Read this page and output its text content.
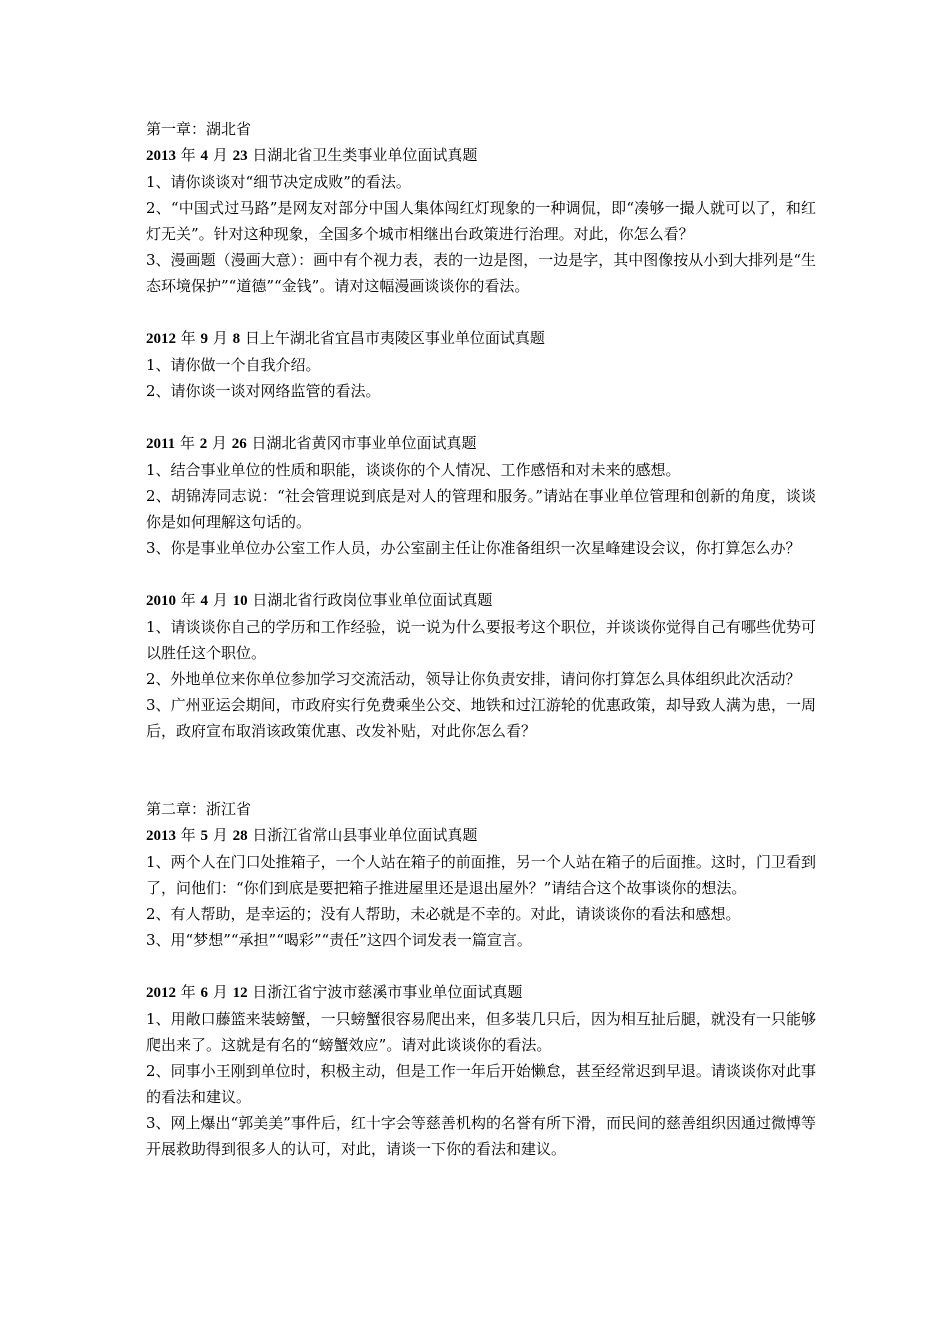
第一章：湖北省

2013 年 4 月 23 日湖北省卫生类事业单位面试真题

1、请你谈谈对“细节决定成败”的看法。

2、“中国式过马路”是网友对部分中国人集体闯红灯现象的一种调侃，即“凑够一撮人就可以了，和红灯无关”。针对这种现象，全国多个城市相继出台政策进行治理。对此，你怎么看？

3、漫画题（漫画大意）：画中有个视力表，表的一边是图，一边是字，其中图像按从小到大排列是“生态环境保护”“道德”“金钱”。请对这幅漫画谈谈你的看法。

2012 年 9 月 8 日上午湖北省宜昌市夷陵区事业单位面试真题

1、请你做一个自我介绍。

2、请你谈一谈对网络监管的看法。

2011 年 2 月 26 日湖北省黄冈市事业单位面试真题

1、结合事业单位的性质和职能，谈谈你的个人情况、工作感悟和对未来的感想。

2、胡锦涛同志说：“社会管理说到底是对人的管理和服务。”请站在事业单位管理和创新的角度，谈谈你是如何理解这句话的。

3、你是事业单位办公室工作人员，办公室副主任让你准备组织一次星峰建设会议，你打算怎么办？

2010 年 4 月 10 日湖北省行政岗位事业单位面试真题

1、请谈谈你自己的学历和工作经验，说一说为什么要报考这个职位，并谈谈你觉得自己有哪些优势可以胜任这个职位。

2、外地单位来你单位参加学习交流活动，领导让你负责安排，请问你打算怎么具体组织此次活动？

3、广州亚运会期间，市政府实行免费乘坐公交、地铁和过江游轮的优惠政策，却导致人满为患，一周后，政府宣布取消该政策优惠、改发补贴，对此你怎么看？

第二章：浙江省

2013 年 5 月 28 日浙江省常山县事业单位面试真题

1、两个人在门口处推箱子，一个人站在箱子的前面推，另一个人站在箱子的后面推。这时，门卫看到了，问他们：“你们到底是要把箱子推进屋里还是退出屋外？”请结合这个故事谈你的想法。

2、有人帮助，是幸运的；没有人帮助，未必就是不幸的。对此，请谈谈你的看法和感想。

3、用“梦想”“承担”“喝彩”“责任”这四个词发表一篇宣言。

2012 年 6 月 12 日浙江省宁波市慈溪市事业单位面试真题

1、用敞口藤篮来装螃蟹，一只螃蟹很容易爬出来，但多装几只后，因为相互扯后腿，就没有一只能够爬出来了。这就是有名的“螃蟹效应”。请对此谈谈你的看法。

2、同事小王刚到单位时，积极主动，但是工作一年后开始懒怠，甚至经常迟到早退。请谈谈你对此事的看法和建议。

3、网上爆出“郭美美”事件后，红十字会等慈善机构的名誉有所下滑，而民间的慈善组织因通过微博等开展救助得到很多人的认可，对此，请谈一下你的看法和建议。
